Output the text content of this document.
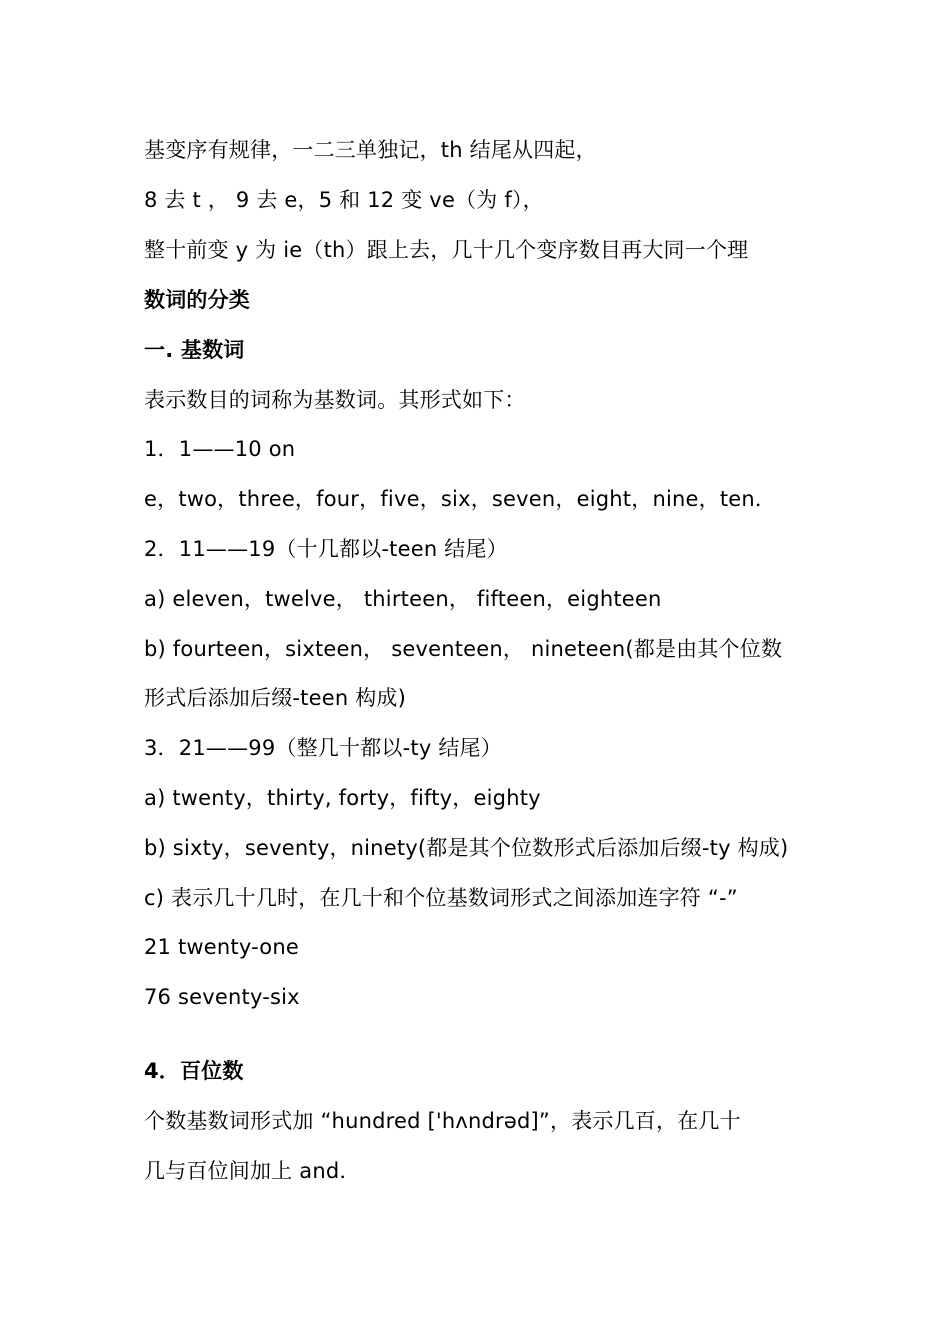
基变序有规律，一二三单独记，th 结尾从四起，
8 去 t ， 9 去 e，5 和 12 变 ve（为 f），
整十前变 y 为 ie（th）跟上去，几十几个变序数目再大同一个理
数词的分类
一. 基数词
表示数目的词称为基数词。其形式如下：
1．1——10 on
e，two，three，four，five，six，seven，eight，nine，ten．
2．11——19（十几都以-teen 结尾）
a) eleven，twelve， thirteen， fifteen，eighteen
b) fourteen，sixteen， seventeen， nineteen(都是由其个位数
形式后添加后缀-teen 构成)
3．21——99（整几十都以-ty 结尾）
a) twenty，thirty, forty，fifty，eighty
b) sixty，seventy，ninety(都是其个位数形式后添加后缀-ty 构成)
c) 表示几十几时，在几十和个位基数词形式之间添加连字符 “-”
21 twenty-one
76 seventy-six
4．百位数
个数基数词形式加 “hundred ['hʌndrəd]”，表示几百，在几十
几与百位间加上 and．
